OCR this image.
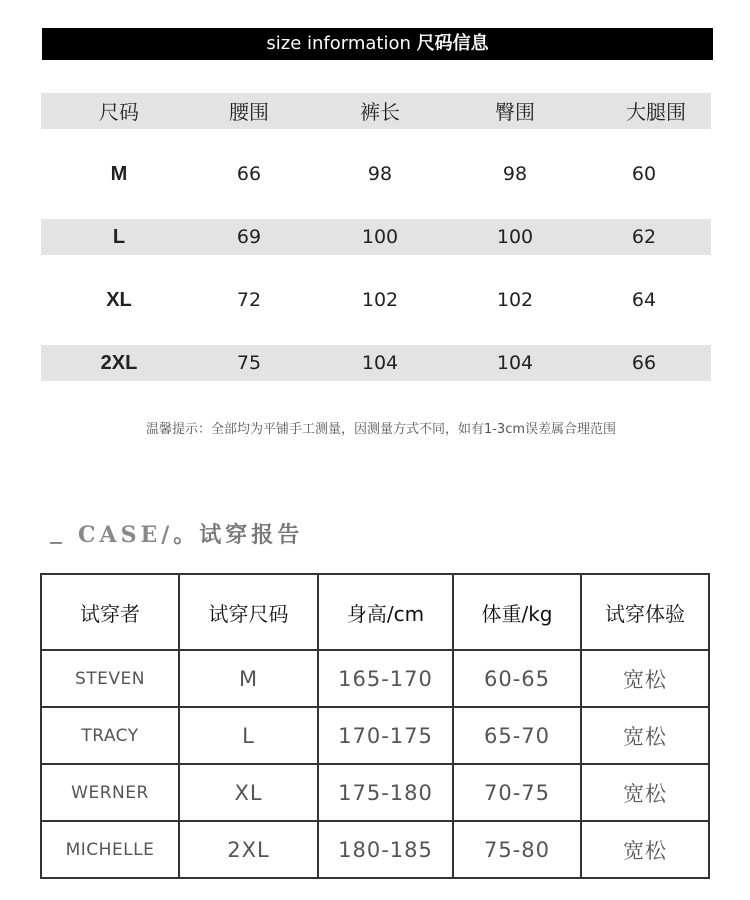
size information 尺码信息
尺码	腰围	裤长	臀围	大腿围
M	66	98	98	60
L	69	100	100	62
XL	72	102	102	64
2XL	75	104	104	66
温馨提示：全部均为平铺手工测量，因测量方式不同，如有1-3cm误差属合理范围
CASE/。试穿报告
试穿者	试穿尺码	身高/cm	体重/kg	试穿体验
STEVEN	M	165-170	60-65	宽松
TRACY	L	170-175	65-70	宽松
WERNER	XL	175-180	70-75	宽松
MICHELLE	2XL	180-185	75-80	宽松
